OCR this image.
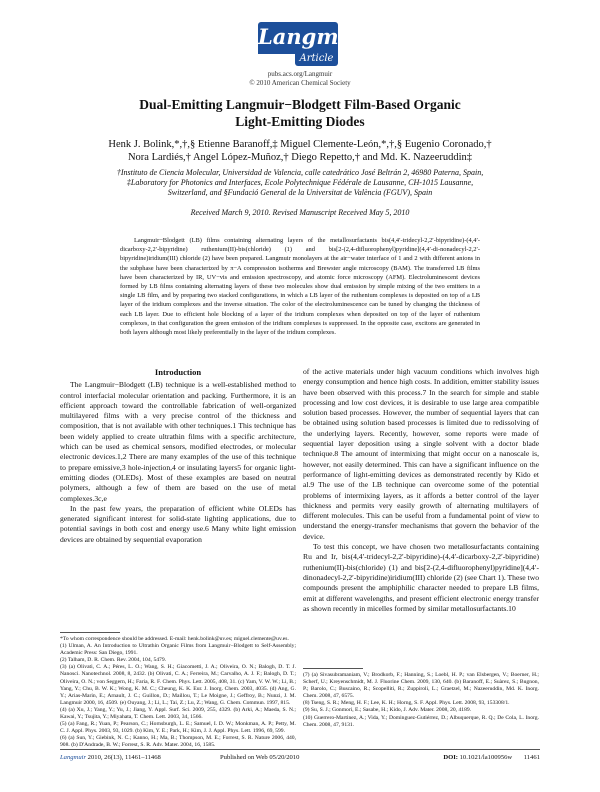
Langmuir
Article
pubs.acs.org/Langmuir
© 2010 American Chemical Society
Dual-Emitting Langmuir−Blodgett Film-Based Organic
Light-Emitting Diodes
Henk J. Bolink,*,†,§ Etienne Baranoff,‡ Miguel Clemente-León,*,†,§ Eugenio Coronado,†
Nora Lardiés,† Angel López-Muñoz,† Diego Repetto,† and Md. K. Nazeeruddin‡
†Instituto de Ciencia Molecular, Universidad de Valencia, calle catedrático José Beltrán 2, 46980 Paterna, Spain,
‡Laboratory for Photonics and Interfaces, Ecole Polytechnique Fédérale de Lausanne, CH-1015 Lausanne,
Switzerland, and §Fundació General de la Universitat de València (FGUV), Spain
Received March 9, 2010. Revised Manuscript Received May 5, 2010
Langmuir−Blodgett (LB) films containing alternating layers of the metallosurfactants bis(4,4′-tridecyl-2,2′-bipyridine)-(4,4′-dicarboxy-2,2′-bipyridine) ruthenium(II)-bis(chloride) (1) and bis[2-(2,4-difluorophenyl)pyridine](4,4′-di-nonadecyl-2,2′-bipyridine)iridium(III) chloride (2) have been prepared. Langmuir monolayers at the air−water interface of 1 and 2 with different anions in the subphase have been characterized by π−A compression isotherms and Brewster angle microscopy (BAM). The transferred LB films have been characterized by IR, UV−vis and emission spectroscopy, and atomic force microscopy (AFM). Electroluminescent devices formed by LB films containing alternating layers of these two molecules show dual emission by simple mixing of the two emitters in a single LB film, and by preparing two stacked configurations, in which a LB layer of the ruthenium complexes is deposited on top of a LB layer of the iridium complexes and the inverse situation. The color of the electroluminescence can be tuned by changing the thickness of each LB layer. Due to efficient hole blocking of a layer of the iridium complexes when deposited on top of the layer of ruthenium complexes, in that configuration the green emission of the iridium complexes is suppressed. In the opposite case, excitons are generated in both layers although most likely preferentially in the layer of the iridium complexes.
Introduction

The Langmuir−Blodgett (LB) technique is a well-established method to control interfacial molecular orientation and packing. Furthermore, it is an efficient approach toward the controllable fabrication of well-organized multilayered films with a very precise control of the thickness and composition, that is not available with other techniques.1 This technique has been widely applied to create ultrathin films with a specific architecture, which can be used as chemical sensors, modified electrodes, or molecular electronic devices.1,2 There are many examples of the use of this technique to prepare emissive,3 hole-injection,4 or insulating layers5 for organic light-emitting diodes (OLEDs). Most of these examples are based on neutral polymers, although a few of them are based on the use of metal complexes.3c,e

In the past few years, the preparation of efficient white OLEDs has generated significant interest for solid-state lighting applications, due to potential savings in both cost and energy use.6 Many white light emission devices are obtained by sequential evaporation

of the active materials under high vacuum conditions which involves high energy consumption and hence high costs. In addition, emitter stability issues have been observed with this process.7 In the search for simple and stable processing and low cost devices, it is desirable to use large area compatible solution based processes. However, the number of sequential layers that can be obtained using solution based processes is limited due to redissolving of the underlying layers. Recently, however, some reports were made of sequential layer deposition using a single solvent with a doctor blade technique.8 The amount of intermixing that might occur on a nanoscale is, however, not easily determined. This can have a significant influence on the performance of light-emitting devices as demonstrated recently by Kido et al.9 The use of the LB technique can overcome some of the potential problems of intermixing layers, as it affords a better control of the layer thickness and permits very easily growth of alternating multilayers of different molecules. This can be useful from a fundamental point of view to understand the energy-transfer mechanisms that govern the behavior of the device.

To test this concept, we have chosen two metallosurfactants containing Ru and Ir, bis(4,4′-tridecyl-2,2′-bipyridine)-(4,4′-dicarboxy-2,2′-bipyridine) ruthenium(II)-bis(chloride) (1) and bis[2-(2,4-difluorophenyl)pyridine](4,4′-dinonadecyl-2,2′-bipyridine)iridium(III) chloride (2) (see Chart 1). These two compounds present the amphiphilic character needed to prepare LB films, emit at different wavelengths, and present efficient electronic energy transfer as shown recently in micelles formed by similar metallosurfactants.10

*To whom correspondence should be addressed. E-mail: henk.bolink@uv.es; miguel.clemente@uv.es.
(1) Ulman, A. An Introduction to Ultrathin Organic Films from Langmuir−Blodgett to Self-Assembly; Academic Press: San Diego, 1991.
(2) Talham, D. R. Chem. Rev. 2004, 104, 5479.
(3) (a) Olivati, C. A.; Péres, L. O.; Wang, S. H.; Giacometti, J. A.; Oliveira, O. N.; Balogh, D. T. J. Nanosci. Nanotechnol. 2008, 8, 2432. (b) Olivati, C. A.; Ferreira, M.; Carvalho, A. J. F.; Balogh, D. T.; Oliveira, O. N.; von Seggern, H.; Faria, R. F. Chem. Phys. Lett. 2005, 408, 31. (c) Yam, V. W. W.; Li, B.; Yang, Y.; Chu, B. W. K.; Wong, K. M. C.; Cheung, K. K. Eur. J. Inorg. Chem. 2003, 4035. (d) Ang, G. Y.; Arias-Marin, E.; Arnault, J. C.; Guillon, D.; Maillou, T.; Le Moigne, J.; Geffroy, B.; Nunzi, J. M. Langmuir 2000, 16, 4509. (e) Ouyang, J.; Li, L.; Tai, Z.; Lu, Z.; Wang, G. Chem. Commun. 1997, 815.
(4) (a) Xu, J.; Yang, Y.; Yu, J.; Jiang, Y. Appl. Surf. Sci. 2009, 255, 4329. (b) Arki, A.; Maeda, S. N.; Kawai, Y.; Tsujita, Y.; Miyahata, T. Chem. Lett. 2003, 34, 1566.
(5) (a) Fang, R.; Yuan, P.; Pearson, C.; Hornsburgh, L. E.; Samuel, I. D. W.; Monkman, A. P.; Petty, M. C. J. Appl. Phys. 2003, 93, 1029. (b) Kim, Y. E.; Park, H.; Kim, J. J. Appl. Phys. Lett. 1996, 69, 599.
(6) (a) Sun, Y.; Giebink, N. C.; Kanno, H.; Ma, B.; Thompson, M. E.; Forrest, S. R. Nature 2006, 440, 908. (b) D'Andrade, B. W.; Forrest, S. R. Adv. Mater. 2004, 16, 1585.
(7) (a) Sivasubramaniam, V.; Brodkorb, F.; Hanning, S.; Loebl, H. P.; van Elsbergen, V.; Boerner, H.; Scherf, U.; Kreyenschmidt, M. J. Fluorine Chem. 2009, 130, 640. (b) Baranoff, E.; Suàrez, S.; Bugnon, P.; Barolo, C.; Buscaino, R.; Scopelliti, R.; Zuppiroli, L.; Graetzel, M.; Nazeeruddin, Md. K. Inorg. Chem. 2008, 47, 6575.
(8) Tseng, S. R.; Meng, H. F.; Lee, K. H.; Horng, S. F. Appl. Phys. Lett. 2008, 93, 153308/1.
(9) Su, S. J.; Gonmori, E.; Sasabe, H.; Kido, J. Adv. Mater. 2008, 20, 4189.
(10) Guerrero-Martinez, A.; Vida, Y.; Dominguez-Gutiérrez, D.; Albuquerque, R. Q.; De Cola, L. Inorg. Chem. 2008, 47, 9131.
Langmuir 2010, 26(13), 11461–11468	Published on Web 05/20/2010	DOI: 10.1021/la100956w 11461
